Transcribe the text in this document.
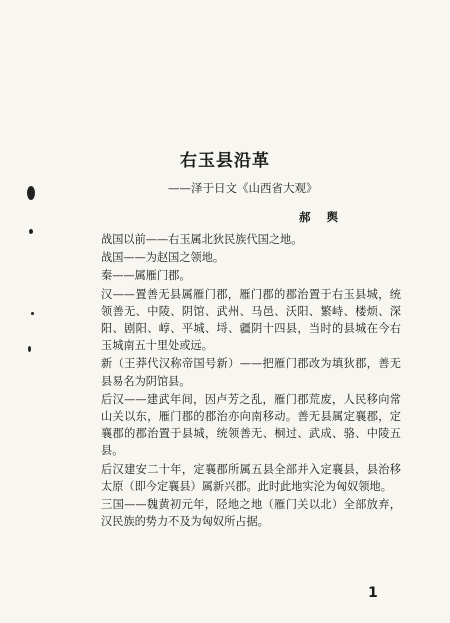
右玉县沿革
——泽于日文《山西省大观》
郝 舆

战国以前——右玉属北狄民族代国之地。

战国——为赵国之领地。

秦——属雁门郡。

汉——置善无县属雁门郡，雁门郡的郡治置于右玉县城，统领善无、中陵、阴馆、武州、马邑、沃阳、繁峙、楼烦、深阳、剧阳、崞、平城、埒、疆阴十四县，当时的县城在今右玉城南五十里处或远。

新（王莽代汉称帝国号新）——把雁门郡改为填狄郡，善无县易名为阴馆县。

后汉——建武年间，因卢芳之乱，雁门郡荒废，人民移向常山关以东，雁门郡的郡治亦向南移动。善无县属定襄郡，定襄郡的郡治置于县城，统领善无、桐过、武成、骆、中陵五县。

后汉建安二十年，定襄郡所属五县全部并入定襄县，县治移太原（即今定襄县）属新兴郡。此时此地实沦为匈奴领地。

三国——魏黄初元年，陉地之地（雁门关以北）全部放弃，汉民族的势力不及为匈奴所占据。

1
